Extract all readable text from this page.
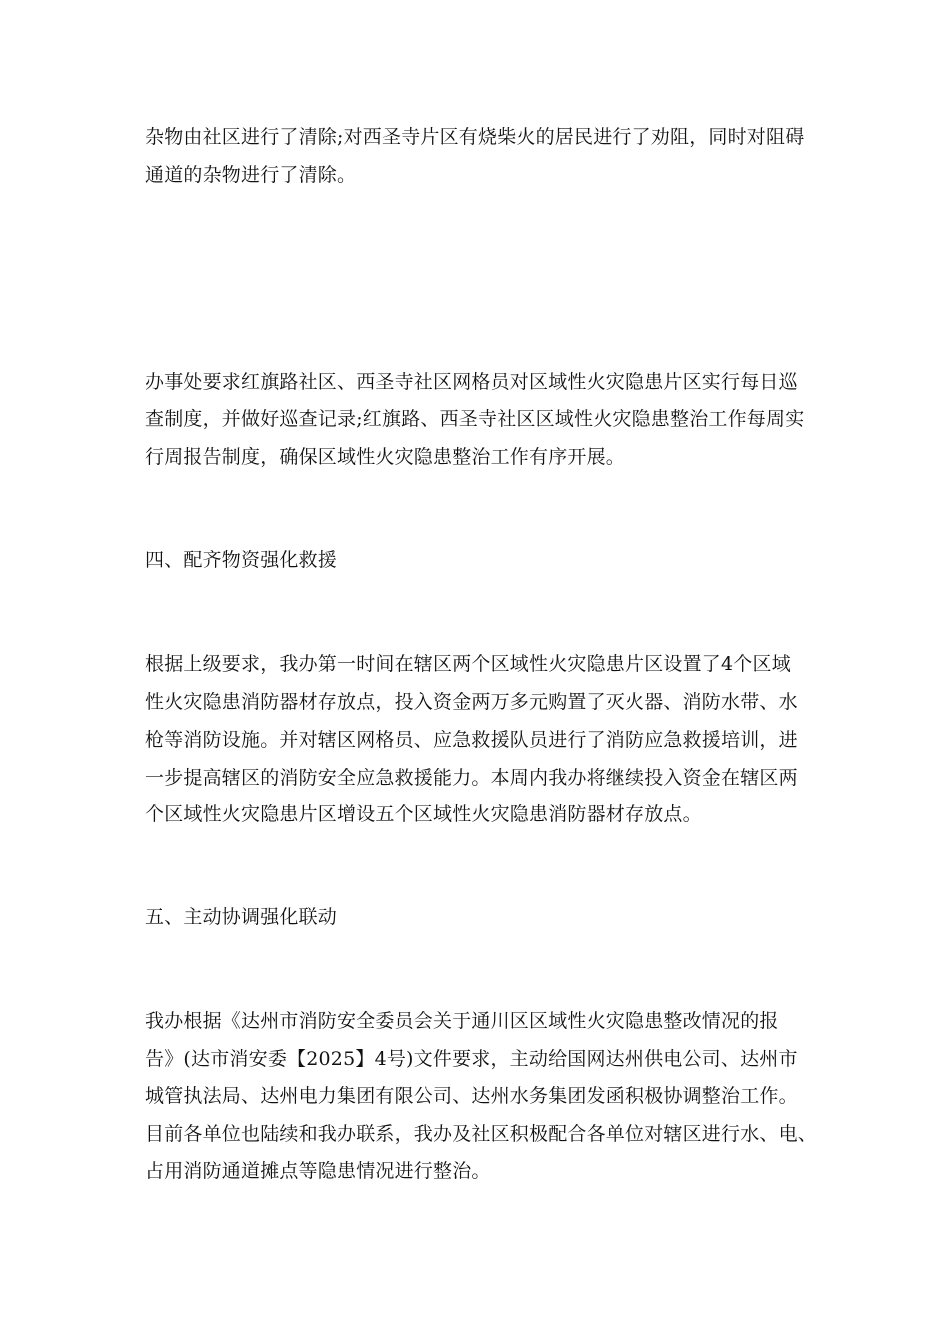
杂物由社区进行了清除;对西圣寺片区有烧柴火的居民进行了劝阻，同时对阻碍
通道的杂物进行了清除。
办事处要求红旗路社区、西圣寺社区网格员对区域性火灾隐患片区实行每日巡
查制度，并做好巡查记录;红旗路、西圣寺社区区域性火灾隐患整治工作每周实
行周报告制度，确保区域性火灾隐患整治工作有序开展。
四、配齐物资强化救援
根据上级要求，我办第一时间在辖区两个区域性火灾隐患片区设置了4个区域
性火灾隐患消防器材存放点，投入资金两万多元购置了灭火器、消防水带、水
枪等消防设施。并对辖区网格员、应急救援队员进行了消防应急救援培训，进
一步提高辖区的消防安全应急救援能力。本周内我办将继续投入资金在辖区两
个区域性火灾隐患片区增设五个区域性火灾隐患消防器材存放点。
五、主动协调强化联动
我办根据《达州市消防安全委员会关于通川区区域性火灾隐患整改情况的报
告》(达市消安委【2025】4号)文件要求，主动给国网达州供电公司、达州市
城管执法局、达州电力集团有限公司、达州水务集团发函积极协调整治工作。
目前各单位也陆续和我办联系，我办及社区积极配合各单位对辖区进行水、电、
占用消防通道摊点等隐患情况进行整治。
